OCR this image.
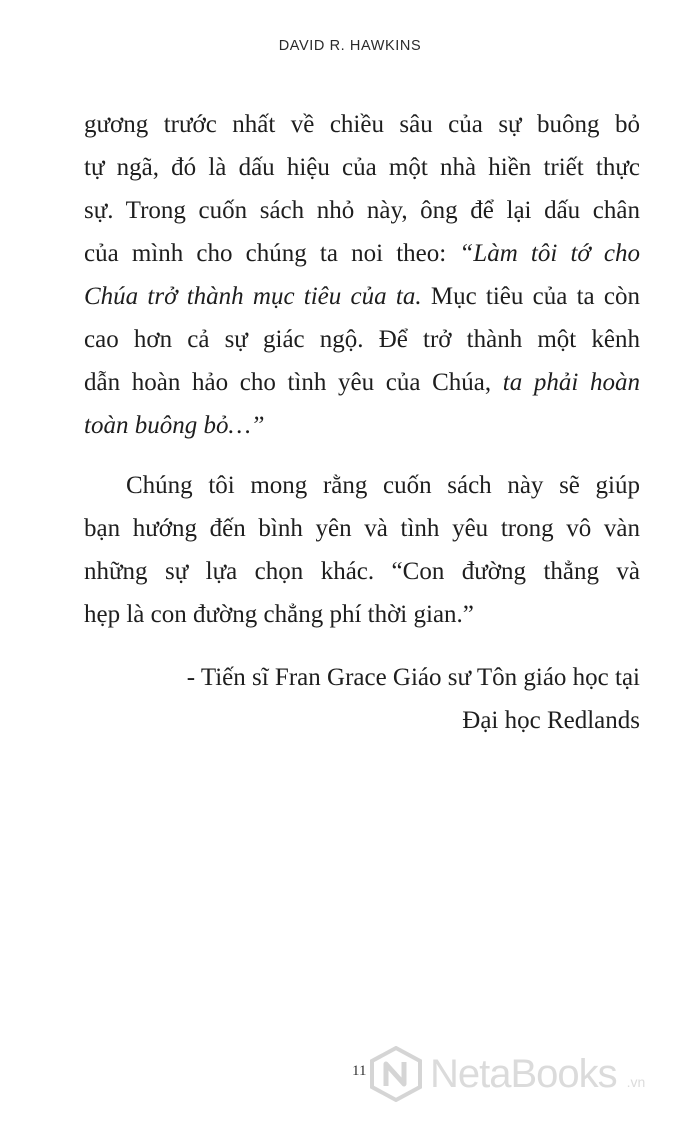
DAVID R. HAWKINS
gương trước nhất về chiều sâu của sự buông bỏ
tự ngã, đó là dấu hiệu của một nhà hiền triết thực
sự. Trong cuốn sách nhỏ này, ông để lại dấu chân
của mình cho chúng ta noi theo: “Làm tôi tớ cho
Chúa trở thành mục tiêu của ta. Mục tiêu của ta còn
cao hơn cả sự giác ngộ. Để trở thành một kênh
dẫn hoàn hảo cho tình yêu của Chúa, ta phải hoàn
toàn buông bỏ…”
Chúng tôi mong rằng cuốn sách này sẽ giúp
bạn hướng đến bình yên và tình yêu trong vô vàn
những sự lựa chọn khác. “Con đường thẳng và
hẹp là con đường chẳng phí thời gian.”
- Tiến sĩ Fran Grace Giáo sư Tôn giáo học tại
Đại học Redlands
11 NetaBooks .vn
